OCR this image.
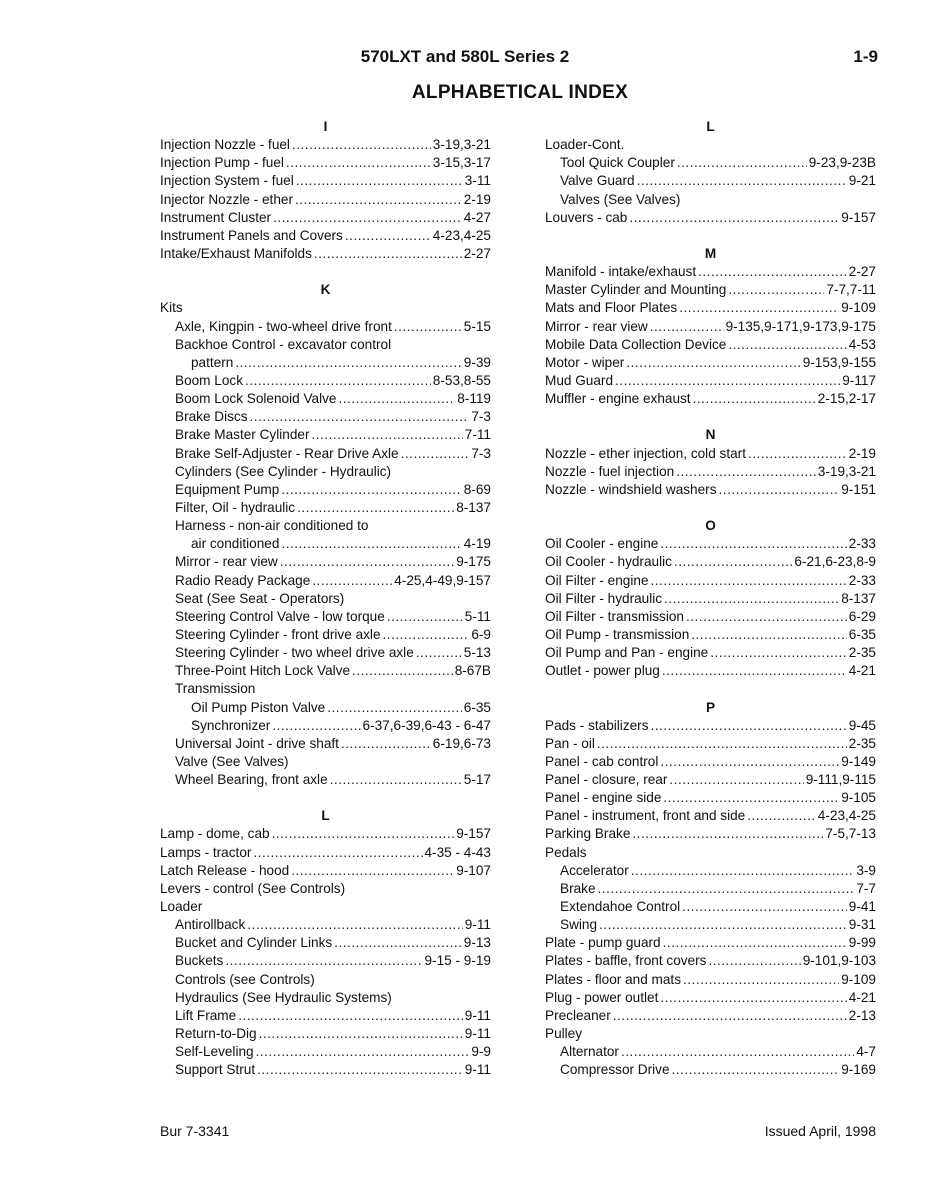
570LXT and 580L Series 2	1-9
ALPHABETICAL INDEX
I
Injection Nozzle - fuel .....	3-19,3-21
Injection Pump - fuel .....	3-15,3-17
Injection System - fuel .....	3-11
Injector Nozzle - ether .....	2-19
Instrument Cluster .....	4-27
Instrument Panels and Covers .....	4-23,4-25
Intake/Exhaust Manifolds .....	2-27
K
Kits
Axle, Kingpin - two-wheel drive front .....	5-15
Backhoe Control - excavator control
pattern .....	9-39
Boom Lock .....	8-53,8-55
Boom Lock Solenoid Valve .....	8-119
Brake Discs .....	7-3
Brake Master Cylinder .....	7-11
Brake Self-Adjuster - Rear Drive Axle .....	7-3
Cylinders (See Cylinder - Hydraulic)
Equipment Pump .....	8-69
Filter, Oil - hydraulic .....	8-137
Harness - non-air conditioned to
air conditioned .....	4-19
Mirror - rear view .....	9-175
Radio Ready Package .....	4-25,4-49,9-157
Seat (See Seat - Operators)
Steering Control Valve - low torque .....	5-11
Steering Cylinder - front drive axle .....	6-9
Steering Cylinder - two wheel drive axle .....	5-13
Three-Point Hitch Lock Valve .....	8-67B
Transmission
Oil Pump Piston Valve .....	6-35
Synchronizer .....	6-37,6-39,6-43 - 6-47
Universal Joint - drive shaft .....	6-19,6-73
Valve (See Valves)
Wheel Bearing, front axle .....	5-17
L
Lamp - dome, cab .....	9-157
Lamps - tractor .....	4-35 - 4-43
Latch Release - hood .....	9-107
Levers - control (See Controls)
Loader
Antirollback .....	9-11
Bucket and Cylinder Links .....	9-13
Buckets .....	9-15 - 9-19
Controls (see Controls)
Hydraulics (See Hydraulic Systems)
Lift Frame .....	9-11
Return-to-Dig .....	9-11
Self-Leveling .....	9-9
Support Strut .....	9-11
L
Loader-Cont.
Tool Quick Coupler .....	9-23,9-23B
Valve Guard .....	9-21
Valves (See Valves)
Louvers - cab .....	9-157
M
Manifold - intake/exhaust .....	2-27
Master Cylinder and Mounting .....	7-7,7-11
Mats and Floor Plates .....	9-109
Mirror - rear view .....	9-135,9-171,9-173,9-175
Mobile Data Collection Device .....	4-53
Motor - wiper .....	9-153,9-155
Mud Guard .....	9-117
Muffler - engine exhaust .....	2-15,2-17
N
Nozzle - ether injection, cold start .....	2-19
Nozzle - fuel injection .....	3-19,3-21
Nozzle - windshield washers .....	9-151
O
Oil Cooler - engine .....	2-33
Oil Cooler - hydraulic .....	6-21,6-23,8-9
Oil Filter - engine .....	2-33
Oil Filter - hydraulic .....	8-137
Oil Filter - transmission .....	6-29
Oil Pump - transmission .....	6-35
Oil Pump and Pan - engine .....	2-35
Outlet - power plug .....	4-21
P
Pads - stabilizers .....	9-45
Pan - oil .....	2-35
Panel - cab control .....	9-149
Panel - closure, rear .....	9-111,9-115
Panel - engine side .....	9-105
Panel - instrument, front and side .....	4-23,4-25
Parking Brake .....	7-5,7-13
Pedals
Accelerator .....	3-9
Brake .....	7-7
Extendahoe Control .....	9-41
Swing .....	9-31
Plate - pump guard .....	9-99
Plates - baffle, front covers .....	9-101,9-103
Plates - floor and mats .....	9-109
Plug - power outlet .....	4-21
Precleaner .....	2-13
Pulley
Alternator .....	4-7
Compressor Drive .....	9-169
Bur 7-3341	Issued April, 1998
